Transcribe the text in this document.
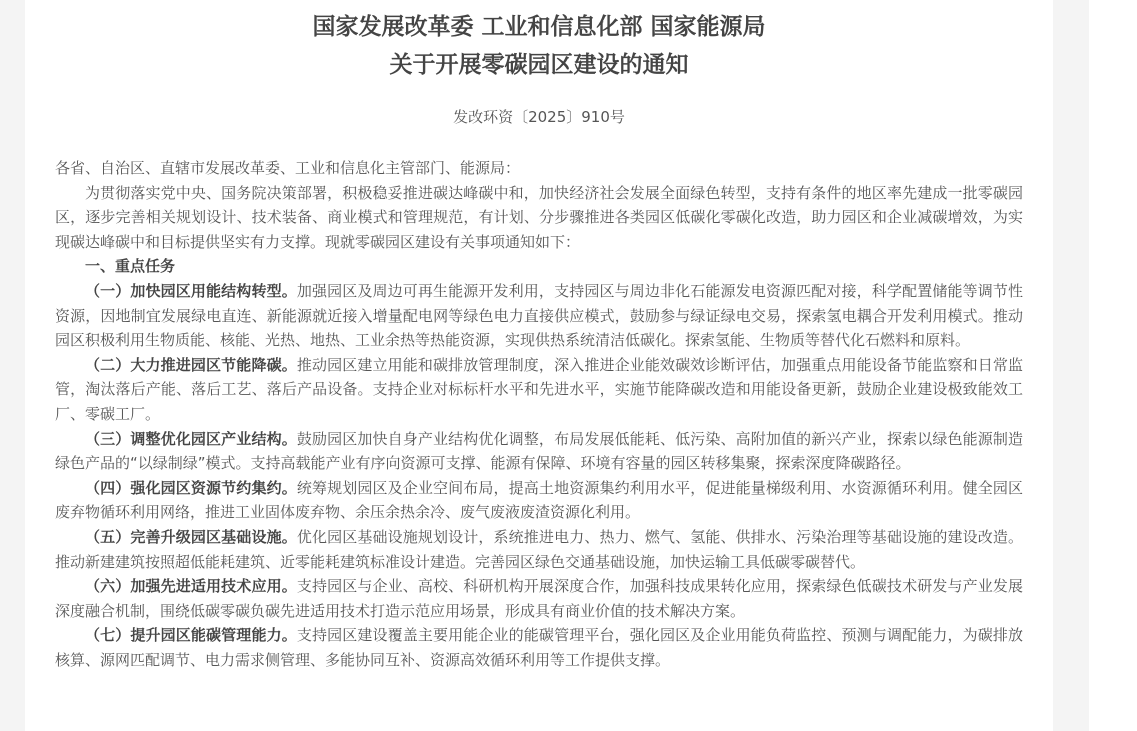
国家发展改革委 工业和信息化部 国家能源局
关于开展零碳园区建设的通知
发改环资〔2025〕910号

各省、自治区、直辖市发展改革委、工业和信息化主管部门、能源局：

为贯彻落实党中央、国务院决策部署，积极稳妥推进碳达峰碳中和，加快经济社会发展全面绿色转型，支持有条件的地区率先建成一批零碳园区，逐步完善相关规划设计、技术装备、商业模式和管理规范，有计划、分步骤推进各类园区低碳化零碳化改造，助力园区和企业减碳增效，为实现碳达峰碳中和目标提供坚实有力支撑。现就零碳园区建设有关事项通知如下：

一、重点任务

（一）加快园区用能结构转型。加强园区及周边可再生能源开发利用，支持园区与周边非化石能源发电资源匹配对接，科学配置储能等调节性资源，因地制宜发展绿电直连、新能源就近接入增量配电网等绿色电力直接供应模式，鼓励参与绿证绿电交易，探索氢电耦合开发利用模式。推动园区积极利用生物质能、核能、光热、地热、工业余热等热能资源，实现供热系统清洁低碳化。探索氢能、生物质等替代化石燃料和原料。

（二）大力推进园区节能降碳。推动园区建立用能和碳排放管理制度，深入推进企业能效碳效诊断评估，加强重点用能设备节能监察和日常监管，淘汰落后产能、落后工艺、落后产品设备。支持企业对标标杆水平和先进水平，实施节能降碳改造和用能设备更新，鼓励企业建设极致能效工厂、零碳工厂。

（三）调整优化园区产业结构。鼓励园区加快自身产业结构优化调整，布局发展低能耗、低污染、高附加值的新兴产业，探索以绿色能源制造绿色产品的“以绿制绿”模式。支持高载能产业有序向资源可支撑、能源有保障、环境有容量的园区转移集聚，探索深度降碳路径。

（四）强化园区资源节约集约。统筹规划园区及企业空间布局，提高土地资源集约利用水平，促进能量梯级利用、水资源循环利用。健全园区废弃物循环利用网络，推进工业固体废弃物、余压余热余冷、废气废液废渣资源化利用。

（五）完善升级园区基础设施。优化园区基础设施规划设计，系统推进电力、热力、燃气、氢能、供排水、污染治理等基础设施的建设改造。推动新建建筑按照超低能耗建筑、近零能耗建筑标准设计建造。完善园区绿色交通基础设施，加快运输工具低碳零碳替代。

（六）加强先进适用技术应用。支持园区与企业、高校、科研机构开展深度合作，加强科技成果转化应用，探索绿色低碳技术研发与产业发展深度融合机制，围绕低碳零碳负碳先进适用技术打造示范应用场景，形成具有商业价值的技术解决方案。

（七）提升园区能碳管理能力。支持园区建设覆盖主要用能企业的能碳管理平台，强化园区及企业用能负荷监控、预测与调配能力，为碳排放核算、源网匹配调节、电力需求侧管理、多能协同互补、资源高效循环利用等工作提供支撑。
